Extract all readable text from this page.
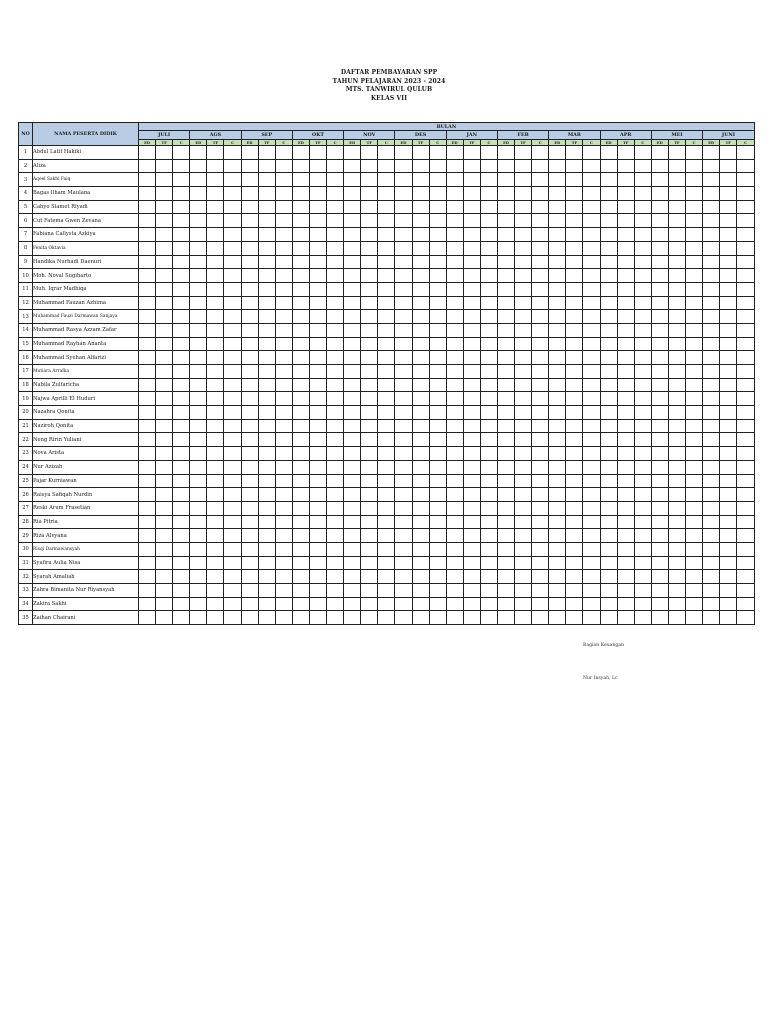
DAFTAR PEMBAYARAN SPP
TAHUN PELAJARAN 2023 - 2024
MTS. TANWIRUL QULUB
KELAS VII
NO	NAMA PESERTA DIDIK	BULAN																																			
		JULI			AGS			SEP			OKT			NOV			DES			JAN			FEB			MAR			APR			MEI			JUNI		
		ED	TF	C	ED	TF	C	ED	TF	C	ED	TF	C	ED	TF	C	ED	TF	C	ED	TF	C	ED	TF	C	ED	TF	C	ED	TF	C	ED	TF	C	ED	TF	C
1	Abdul Latif Hakiki																																				
2	Aliza																																				
3	Aqeel Sakhi Faiq																																				
4	Bagas Ilham Maulana																																				
5	Cahyo Slamet Riyadi																																				
6	Cut Fatema Gwen Zevana																																				
7	Fabiana Callysta Azkiya																																				
8	Fenita Oktavia																																				
9	Handika Nurhadi Daenuri																																				
10	Moh. Noval Sugiharto																																				
11	Muh. Iqrar Madhiqa																																				
12	Muhammad Fauzan Azhima																																				
13	Muhammad Fauzi Darmawan Sanjaya																																				
14	Muhammad Rasya Azzam Zafar																																				
15	Muhammad Rayhan Ananta																																				
16	Muhammad Syehan Alfarizi																																				
17	Mutiara Arrafka																																				
18	Nabila Zulfaricha																																				
19	Najwa Aprilli El Huduri																																				
20	Nazahra Qonita																																				
21	Naziroh Qonita																																				
22	Neng Ririn Yuliani																																				
23	Nova Arista																																				
24	Nur Azizah																																				
25	Pajar Kurniawan																																				
26	Raisya Safiqah Nurdin																																				
27	Reski Arum Frasetian																																				
28	Ria Pitria																																				
29	Riza Alvyana																																				
30	Risqi Darmawansyah																																				
31	Syafira Aulia Nisa																																				
32	Syarah Amaliah																																				
33	Zahra Bimanita Nur Riyansyah																																				
34	Zakira Sakhi																																				
35	Zaihan Chairani																																				
Bagian Keuangan
Nur Insyah, Lc
